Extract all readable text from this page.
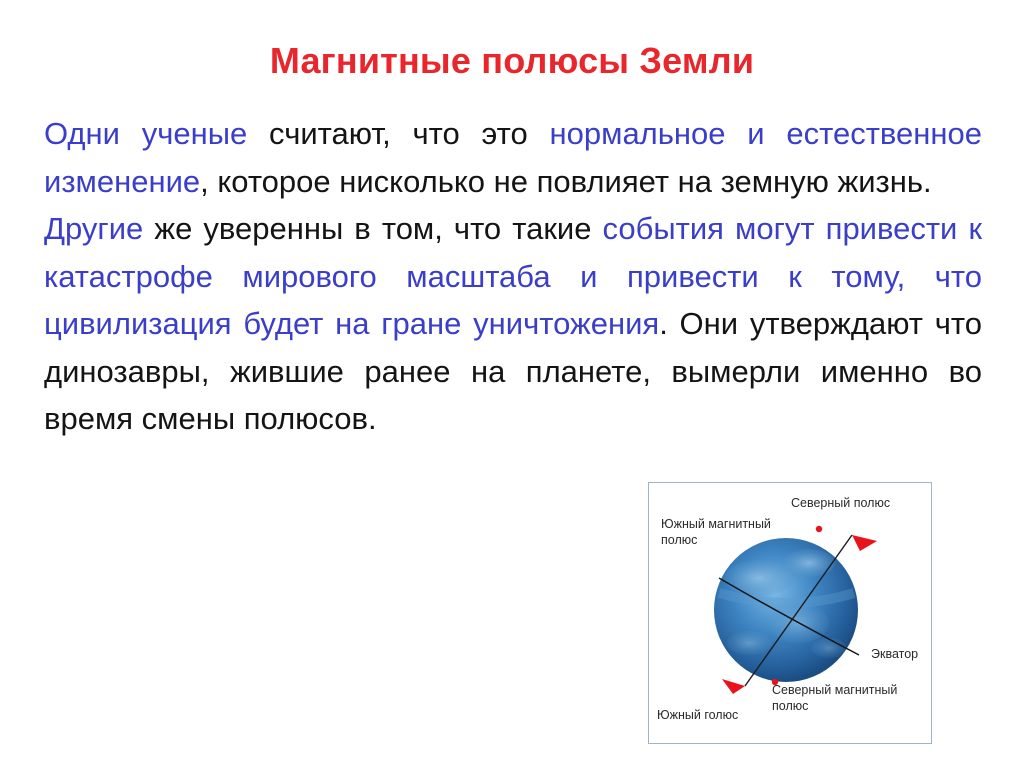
Магнитные полюсы Земли

Одни ученые считают, что это нормальное и естественное изменение, которое нисколько не повлияет на земную жизнь.

Другие же уверенны в том, что такие события могут привести к катастрофе мирового масштаба и привести к тому, что цивилизация будет на гране уничтожения. Они утверждают что динозавры, жившие ранее на планете, вымерли именно во время смены полюсов.

Северный полюс
Южный магнитный
полюс
Экватор
Северный магнитный
полюс
Южный голюс
